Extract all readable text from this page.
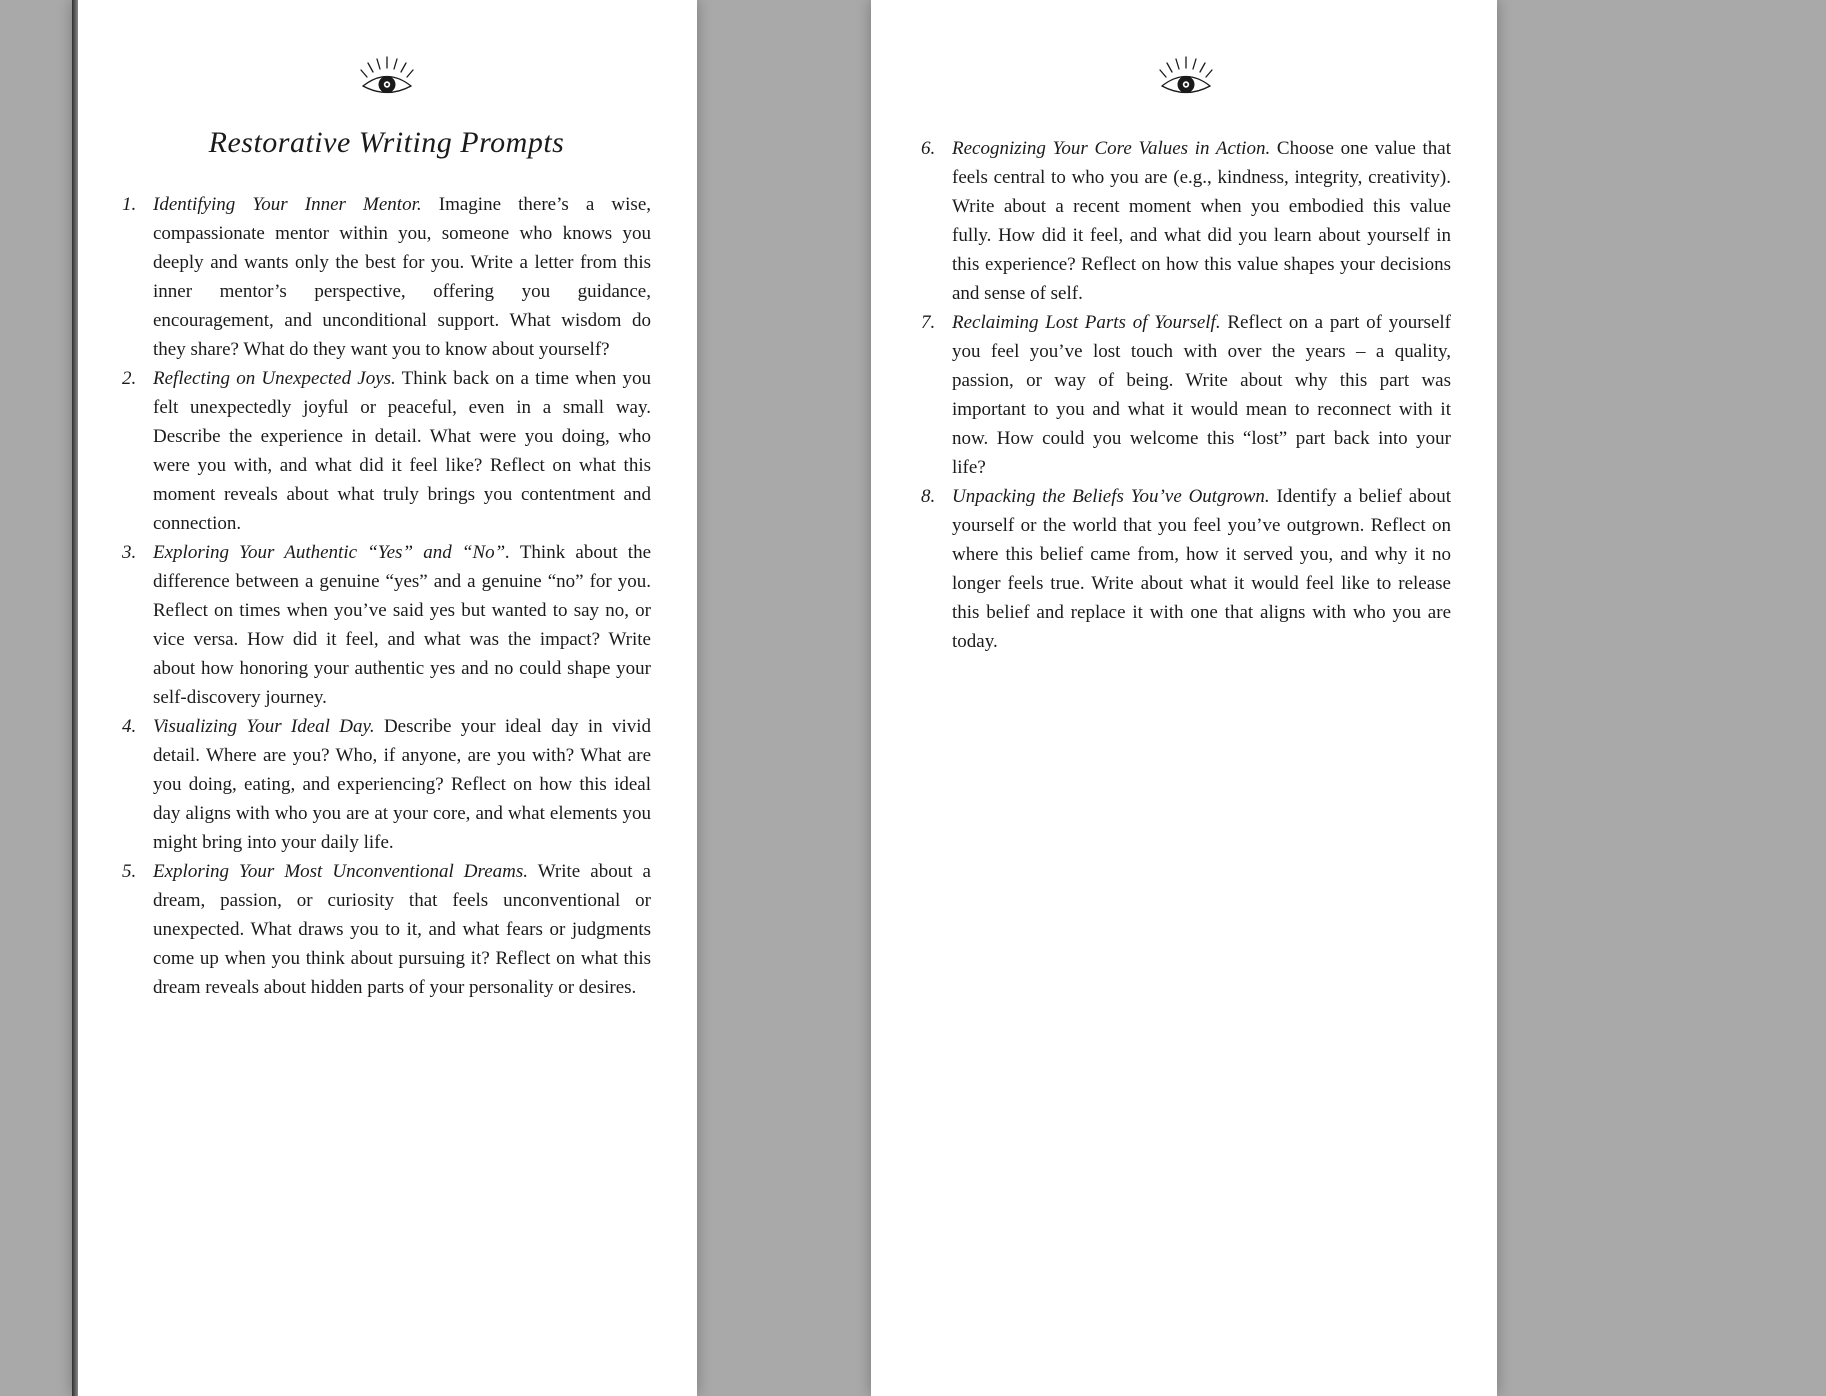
Restorative Writing Prompts
1. Identifying Your Inner Mentor. Imagine there’s a wise, compassionate mentor within you, someone who knows you deeply and wants only the best for you. Write a letter from this inner mentor’s perspective, offering you guidance, encouragement, and unconditional support. What wisdom do they share? What do they want you to know about yourself?
2. Reflecting on Unexpected Joys. Think back on a time when you felt unexpectedly joyful or peaceful, even in a small way. Describe the experience in detail. What were you doing, who were you with, and what did it feel like? Reflect on what this moment reveals about what truly brings you contentment and connection.
3. Exploring Your Authentic “Yes” and “No”. Think about the difference between a genuine “yes” and a genuine “no” for you. Reflect on times when you’ve said yes but wanted to say no, or vice versa. How did it feel, and what was the impact? Write about how honoring your authentic yes and no could shape your self-discovery journey.
4. Visualizing Your Ideal Day. Describe your ideal day in vivid detail. Where are you? Who, if anyone, are you with? What are you doing, eating, and experiencing? Reflect on how this ideal day aligns with who you are at your core, and what elements you might bring into your daily life.
5. Exploring Your Most Unconventional Dreams. Write about a dream, passion, or curiosity that feels unconventional or unexpected. What draws you to it, and what fears or judgments come up when you think about pursuing it? Reflect on what this dream reveals about hidden parts of your personality or desires.
6. Recognizing Your Core Values in Action. Choose one value that feels central to who you are (e.g., kindness, integrity, creativity). Write about a recent moment when you embodied this value fully. How did it feel, and what did you learn about yourself in this experience? Reflect on how this value shapes your decisions and sense of self.
7. Reclaiming Lost Parts of Yourself. Reflect on a part of yourself you feel you’ve lost touch with over the years – a quality, passion, or way of being. Write about why this part was important to you and what it would mean to reconnect with it now. How could you welcome this “lost” part back into your life?
8. Unpacking the Beliefs You’ve Outgrown. Identify a belief about yourself or the world that you feel you’ve outgrown. Reflect on where this belief came from, how it served you, and why it no longer feels true. Write about what it would feel like to release this belief and replace it with one that aligns with who you are today.
